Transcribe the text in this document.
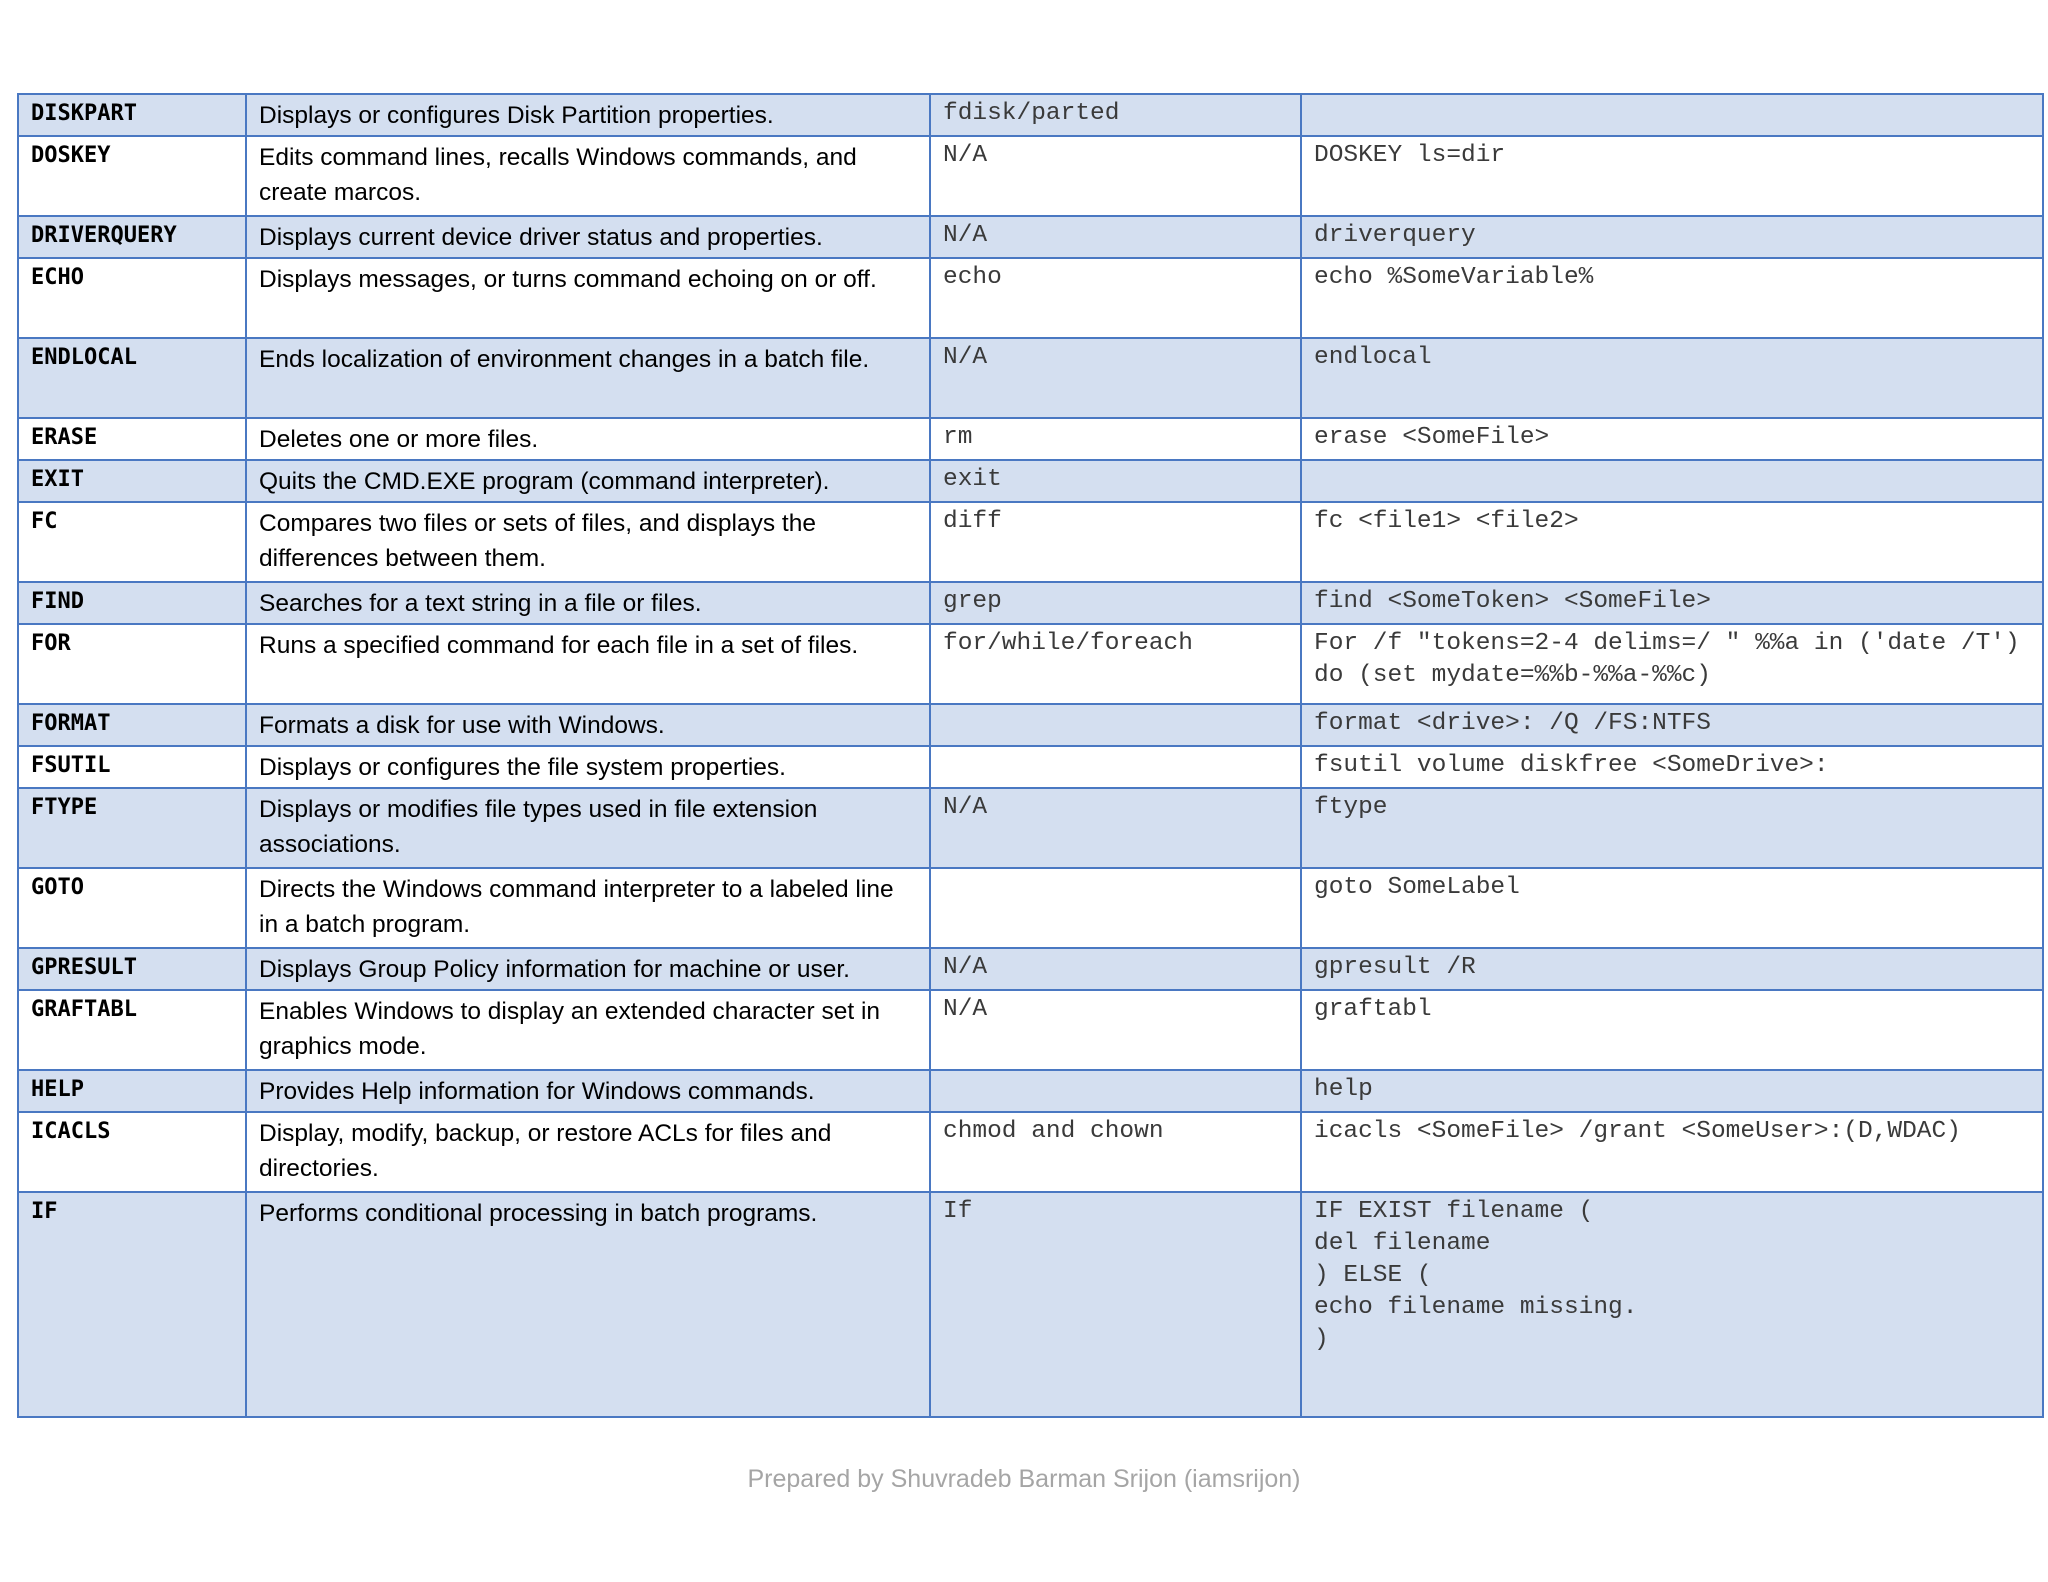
DISKPART	Displays or configures Disk Partition properties.	fdisk/parted	
DOSKEY	Edits command lines, recalls Windows commands, and create marcos.	N/A	DOSKEY ls=dir
DRIVERQUERY	Displays current device driver status and properties.	N/A	driverquery
ECHO	Displays messages, or turns command echoing on or off.	echo	echo %SomeVariable%
ENDLOCAL	Ends localization of environment changes in a batch file.	N/A	endlocal
ERASE	Deletes one or more files.	rm	erase <SomeFile>
EXIT	Quits the CMD.EXE program (command interpreter).	exit	
FC	Compares two files or sets of files, and displays the differences between them.	diff	fc <file1> <file2>
FIND	Searches for a text string in a file or files.	grep	find <SomeToken> <SomeFile>
FOR	Runs a specified command for each file in a set of files.	for/while/foreach	For /f "tokens=2-4 delims=/ " %%a in ('date /T') do (set mydate=%%b-%%a-%%c)
FORMAT	Formats a disk for use with Windows.		format <drive>: /Q /FS:NTFS
FSUTIL	Displays or configures the file system properties.		fsutil volume diskfree <SomeDrive>:
FTYPE	Displays or modifies file types used in file extension associations.	N/A	ftype
GOTO	Directs the Windows command interpreter to a labeled line in a batch program.		goto SomeLabel
GPRESULT	Displays Group Policy information for machine or user.	N/A	gpresult /R
GRAFTABL	Enables Windows to display an extended character set in graphics mode.	N/A	graftabl
HELP	Provides Help information for Windows commands.		help
ICACLS	Display, modify, backup, or restore ACLs for files and directories.	chmod and chown	icacls <SomeFile> /grant <SomeUser>:(D,WDAC)
IF	Performs conditional processing in batch programs.	If	IF EXIST filename (
del filename
) ELSE (
echo filename missing.
)
Prepared by Shuvradeb Barman Srijon (iamsrijon)
